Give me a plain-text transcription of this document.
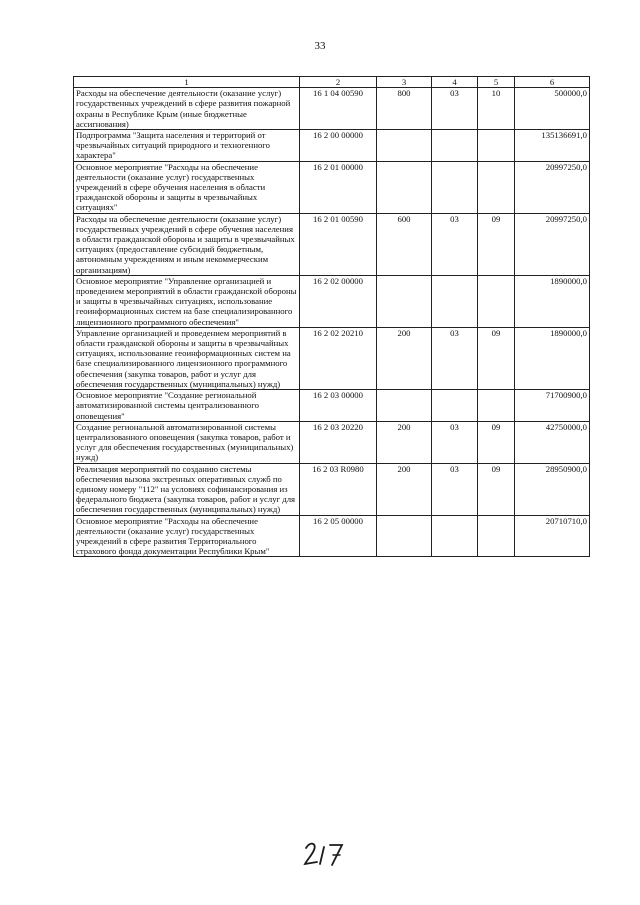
33
1	2	3	4	5	6
Расходы на обеспечение деятельности (оказание услуг) государственных учреждений в сфере развития пожарной охраны в Республике Крым (иные бюджетные ассигнования)	16 1 04 00590	800	03	10	500000,0
Подпрограмма "Защита населения и территорий от чрезвычайных ситуаций природного и техногенного характера"	16 2 00 00000				135136691,0
Основное мероприятие "Расходы на обеспечение деятельности (оказание услуг) государственных учреждений в сфере обучения населения в области гражданской обороны и защиты в чрезвычайных ситуациях"	16 2 01 00000				20997250,0
Расходы на обеспечение деятельности (оказание услуг) государственных учреждений в сфере обучения населения в области гражданской обороны и защиты в чрезвычайных ситуациях (предоставление субсидий бюджетным, автономным учреждениям и иным некоммерческим организациям)	16 2 01 00590	600	03	09	20997250,0
Основное мероприятие "Управление организацией и проведением мероприятий в области гражданской обороны и защиты в чрезвычайных ситуациях, использование геоинформационных систем на базе специализированного лицензионного программного обеспечения"	16 2 02 00000				1890000,0
Управление организацией и проведением мероприятий в области гражданской обороны и защиты в чрезвычайных ситуациях, использование геоинформационных систем на базе специализированного лицензионного программного обеспечения (закупка товаров, работ и услуг для обеспечения государственных (муниципальных) нужд)	16 2 02 20210	200	03	09	1890000,0
Основное мероприятие "Создание региональной автоматизированной системы централизованного оповещения"	16 2 03 00000				71700900,0
Создание региональной автоматизированной системы централизованного оповещения (закупка товаров, работ и услуг для обеспечения государственных (муниципальных) нужд)	16 2 03 20220	200	03	09	42750000,0
Реализация мероприятий по созданию системы обеспечения вызова экстренных оперативных служб по единому номеру "112" на условиях софинансирования из федерального бюджета (закупка товаров, работ и услуг для обеспечения государственных (муниципальных) нужд)	16 2 03 R0980	200	03	09	28950900,0
Основное мероприятие "Расходы на обеспечение деятельности (оказание услуг) государственных учреждений в сфере развития Территориального страхового фонда документации Республики Крым"	16 2 05 00000				20710710,0
